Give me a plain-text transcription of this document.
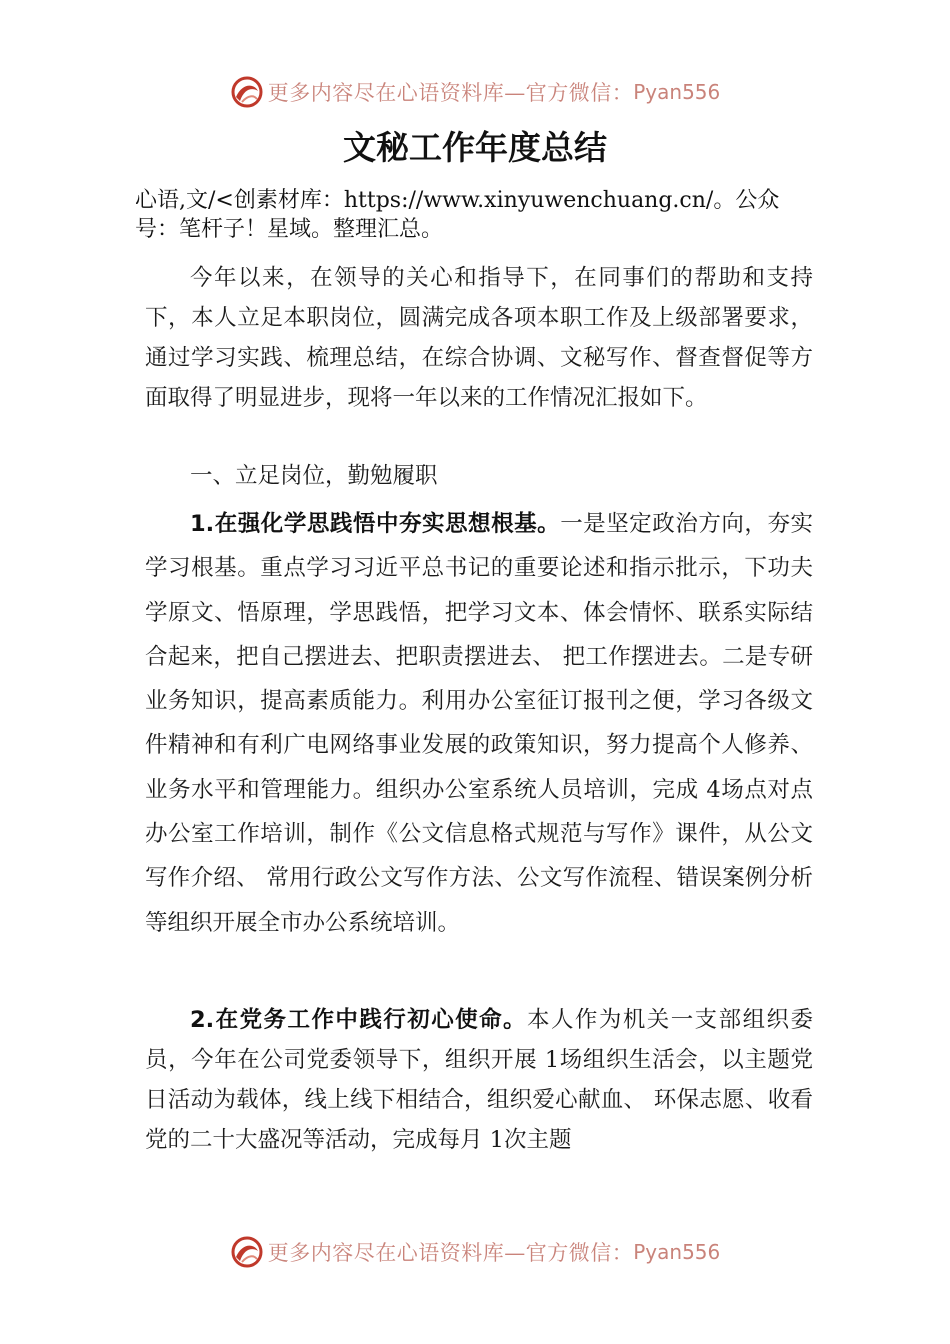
更多内容尽在心语资料库—官方微信： Pyan556
文秘工作年度总结
心语,文/<创素材库：https://www.xinyuwenchuang.cn/。公众号：笔杆子！星域。整理汇总。
今年以来，在领导的关心和指导下，在同事们的帮助和支持下，本人立足本职岗位，圆满完成各项本职工作及上级部署要求，通过学习实践、梳理总结，在综合协调、文秘写作、督查督促等方面取得了明显进步，现将一年以来的工作情况汇报如下。
一、立足岗位，勤勉履职
1.在强化学思践悟中夯实思想根基。一是坚定政治方向，夯实学习根基。重点学习习近平总书记的重要论述和指示批示，下功夫学原文、悟原理，学思践悟，把学习文本、体会情怀、联系实际结合起来，把自己摆进去、把职责摆进去、 把工作摆进去。二是专研业务知识，提高素质能力。利用办公室征订报刊之便，学习各级文件精神和有利广电网络事业发展的政策知识，努力提高个人修养、业务水平和管理能力。组织办公室系统人员培训，完成 4场点对点办公室工作培训，制作《公文信息格式规范与写作》课件，从公文写作介绍、 常用行政公文写作方法、公文写作流程、错误案例分析等组织开展全市办公系统培训。
2.在党务工作中践行初心使命。本人作为机关一支部组织委员，今年在公司党委领导下，组织开展 1场组织生活会，以主题党日活动为载体，线上线下相结合，组织爱心献血、 环保志愿、收看党的二十大盛况等活动，完成每月 1次主题
更多内容尽在心语资料库—官方微信： Pyan556
